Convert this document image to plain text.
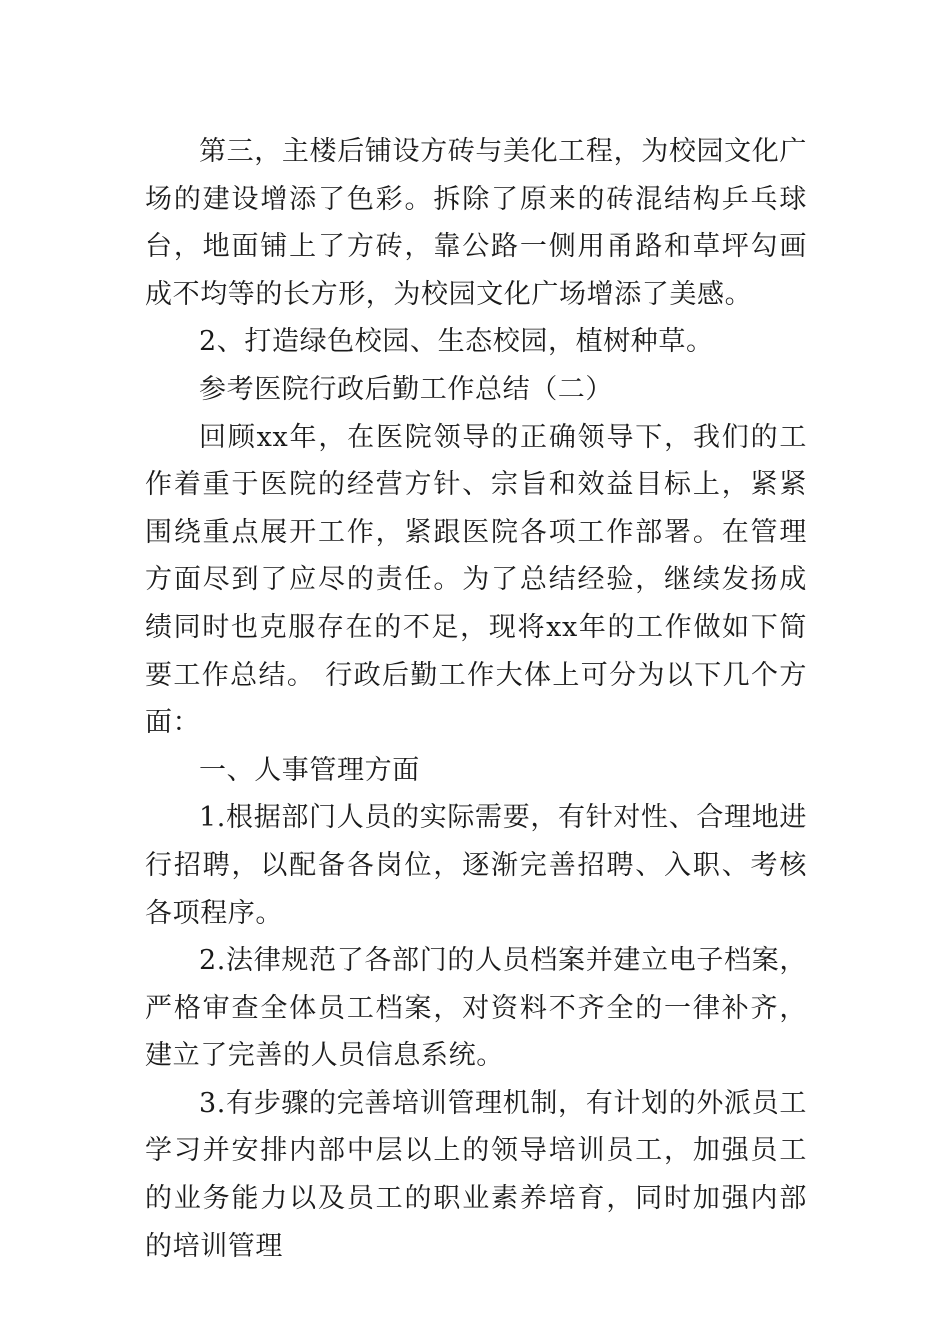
第三，主楼后铺设方砖与美化工程，为校园文化广场的建设增添了色彩。拆除了原来的砖混结构乒乓球台，地面铺上了方砖，靠公路一侧用甬路和草坪勾画成不均等的长方形，为校园文化广场增添了美感。

2、打造绿色校园、生态校园，植树种草。

参考医院行政后勤工作总结（二）

回顾xx年，在医院领导的正确领导下，我们的工作着重于医院的经营方针、宗旨和效益目标上，紧紧围绕重点展开工作，紧跟医院各项工作部署。在管理方面尽到了应尽的责任。为了总结经验，继续发扬成绩同时也克服存在的不足，现将xx年的工作做如下简要工作总结。 行政后勤工作大体上可分为以下几个方面：

一、人事管理方面

1.根据部门人员的实际需要，有针对性、合理地进行招聘，以配备各岗位，逐渐完善招聘、入职、考核各项程序。

2.法律规范了各部门的人员档案并建立电子档案，严格审查全体员工档案，对资料不齐全的一律补齐，建立了完善的人员信息系统。

3.有步骤的完善培训管理机制，有计划的外派员工学习并安排内部中层以上的领导培训员工，加强员工的业务能力以及员工的职业素养培育，同时加强内部的培训管理
